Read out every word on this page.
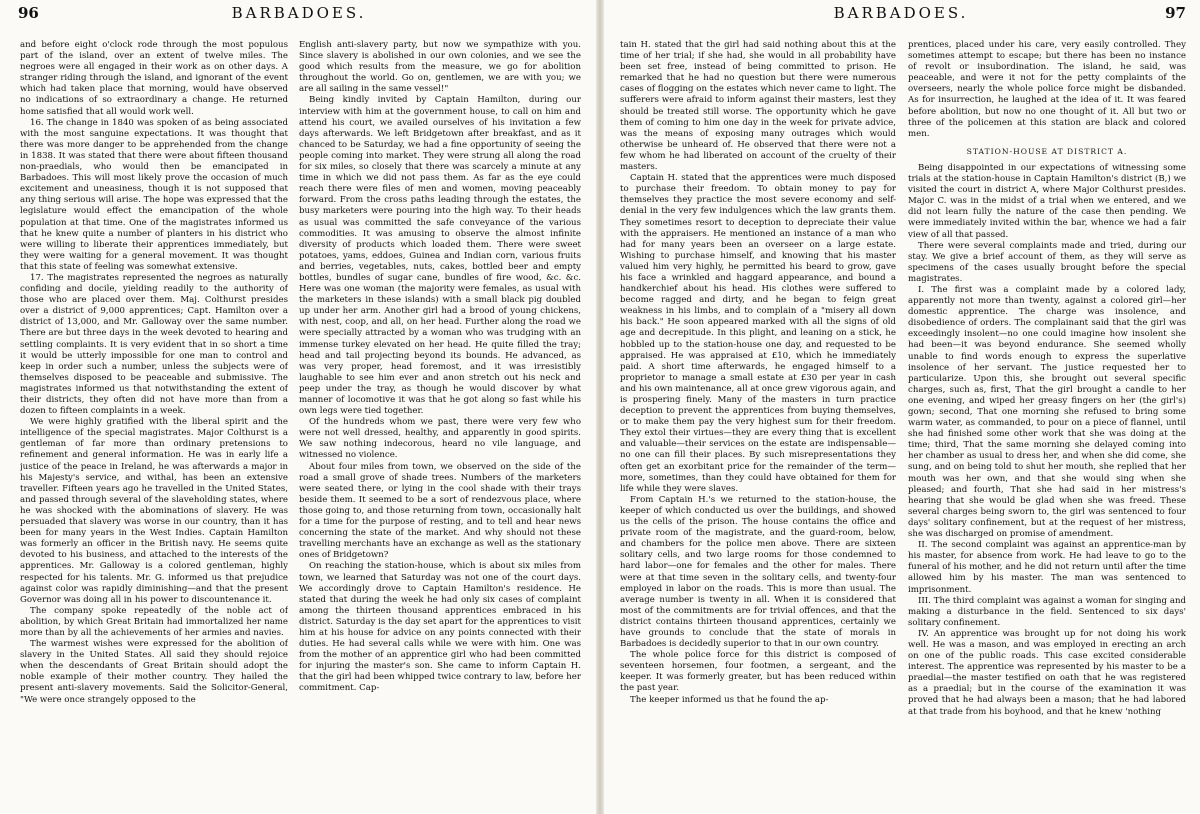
96	BARBADOES.

and before eight o'clock rode through the most populous part of the island, over an extent of twelve miles. The negroes were all engaged in their work as on other days. A stranger riding through the island, and ignorant of the event which had taken place that morning, would have observed no indications of so extraordinary a change. He returned home satisfied that all would work well.

16. The change in 1840 was spoken of as being associated with the most sanguine expectations. It was thought that there was more danger to be apprehended from the change in 1838. It was stated that there were about fifteen thousand non-praedials, who would then be emancipated in Barbadoes. This will most likely prove the occasion of much excitement and uneasiness, though it is not supposed that any thing serious will arise. The hope was expressed that the legislature would effect the emancipation of the whole population at that time. One of the magistrates informed us that he knew quite a number of planters in his district who were willing to liberate their apprentices immediately, but they were waiting for a general movement. It was thought that this state of feeling was somewhat extensive.

17. The magistrates represented the negroes as naturally confiding and docile, yielding readily to the authority of those who are placed over them. Maj. Colthurst presides over a district of 9,000 apprentices; Capt. Hamilton over a district of 13,000, and Mr. Galloway over the same number. There are but three days in the week devoted to hearing and settling complaints. It is very evident that in so short a time it would be utterly impossible for one man to control and keep in order such a number, unless the subjects were of themselves disposed to be peaceable and submissive. The magistrates informed us that notwithstanding the extent of their districts, they often did not have more than from a dozen to fifteen complaints in a week.

We were highly gratified with the liberal spirit and the intelligence of the special magistrates. Major Colthurst is a gentleman of far more than ordinary pretensions to refinement and general information. He was in early life a justice of the peace in Ireland, he was afterwards a major in his Majesty's service, and withal, has been an extensive traveller. Fifteen years ago he travelled in the United States, and passed through several of the slaveholding states, where he was shocked with the abominations of slavery. He was persuaded that slavery was worse in our country, than it has been for many years in the West Indies. Captain Hamilton was formerly an officer in the British navy. He seems quite devoted to his business, and attached to the interests of the apprentices. Mr. Galloway is a colored gentleman, highly respected for his talents. Mr. G. informed us that prejudice against color was rapidly diminishing—and that the present Governor was doing all in his power to discountenance it.

The company spoke repeatedly of the noble act of abolition, by which Great Britain had immortalized her name more than by all the achievements of her armies and navies.

The warmest wishes were expressed for the abolition of slavery in the United States. All said they should rejoice when the descendants of Great Britain should adopt the noble example of their mother country. They hailed the present anti-slavery movements. Said the Solicitor-General, "We were once strangely opposed to the

English anti-slavery party, but now we sympathize with you. Since slavery is abolished in our own colonies, and we see the good which results from the measure, we go for abolition throughout the world. Go on, gentlemen, we are with you; we are all sailing in the same vessel!"

Being kindly invited by Captain Hamilton, during our interview with him at the government house, to call on him and attend his court, we availed ourselves of his invitation a few days afterwards. We left Bridgetown after breakfast, and as it chanced to be Saturday, we had a fine opportunity of seeing the people coming into market. They were strung all along the road for six miles, so closely that there was scarcely a minute at any time in which we did not pass them. As far as the eye could reach there were files of men and women, moving peaceably forward. From the cross paths leading through the estates, the busy marketers were pouring into the high way. To their heads as usual was committed the safe conveyance of the various commodities. It was amusing to observe the almost infinite diversity of products which loaded them. There were sweet potatoes, yams, eddoes, Guinea and Indian corn, various fruits and berries, vegetables, nuts, cakes, bottled beer and empty bottles, bundles of sugar cane, bundles of fire wood, &c. &c. Here was one woman (the majority were females, as usual with the marketers in these islands) with a small black pig doubled up under her arm. Another girl had a brood of young chickens, with nest, coop, and all, on her head. Further along the road we were specially attracted by a woman who was trudging with an immense turkey elevated on her head. He quite filled the tray; head and tail projecting beyond its bounds. He advanced, as was very proper, head foremost, and it was irresistibly laughable to see him ever and anon stretch out his neck and peep under the tray, as though he would discover by what manner of locomotive it was that he got along so fast while his own legs were tied together.

Of the hundreds whom we past, there were very few who were not well dressed, healthy, and apparently in good spirits. We saw nothing indecorous, heard no vile language, and witnessed no violence.

About four miles from town, we observed on the side of the road a small grove of shade trees. Numbers of the marketers were seated there, or lying in the cool shade with their trays beside them. It seemed to be a sort of rendezvous place, where those going to, and those returning from town, occasionally halt for a time for the purpose of resting, and to tell and hear news concerning the state of the market. And why should not these travelling merchants have an exchange as well as the stationary ones of Bridgetown?

On reaching the station-house, which is about six miles from town, we learned that Saturday was not one of the court days. We accordingly drove to Captain Hamilton's residence. He stated that during the week he had only six cases of complaint among the thirteen thousand apprentices embraced in his district. Saturday is the day set apart for the apprentices to visit him at his house for advice on any points connected with their duties. He had several calls while we were with him. One was from the mother of an apprentice girl who had been committed for injuring the master's son. She came to inform Captain H. that the girl had been whipped twice contrary to law, before her commitment. Cap-

BARBADOES.	97

tain H. stated that the girl had said nothing about this at the time of her trial; if she had, she would in all probability have been set free, instead of being committed to prison. He remarked that he had no question but there were numerous cases of flogging on the estates which never came to light. The sufferers were afraid to inform against their masters, lest they should be treated still worse. The opportunity which he gave them of coming to him one day in the week for private advice, was the means of exposing many outrages which would otherwise be unheard of. He observed that there were not a few whom he had liberated on account of the cruelty of their masters.

Captain H. stated that the apprentices were much disposed to purchase their freedom. To obtain money to pay for themselves they practice the most severe economy and self-denial in the very few indulgences which the law grants them. They sometimes resort to deception to depreciate their value with the appraisers. He mentioned an instance of a man who had for many years been an overseer on a large estate. Wishing to purchase himself, and knowing that his master valued him very highly, he permitted his beard to grow, gave his face a wrinkled and haggard appearance, and bound a handkerchief about his head. His clothes were suffered to become ragged and dirty, and he began to feign great weakness in his limbs, and to complain of a "misery all down his back." He soon appeared marked with all the signs of old age and decrepitude. In this plight, and leaning on a stick, he hobbled up to the station-house one day, and requested to be appraised. He was appraised at £10, which he immediately paid. A short time afterwards, he engaged himself to a proprietor to manage a small estate at £30 per year in cash and his own maintenance, all at once grew vigorous again, and is prospering finely. Many of the masters in turn practice deception to prevent the apprentices from buying themselves, or to make them pay the very highest sum for their freedom. They extol their virtues—they are every thing that is excellent and valuable—their services on the estate are indispensable—no one can fill their places. By such misrepresentations they often get an exorbitant price for the remainder of the term—more, sometimes, than they could have obtained for them for life while they were slaves.

From Captain H.'s we returned to the station-house, the keeper of which conducted us over the buildings, and showed us the cells of the prison. The house contains the office and private room of the magistrate, and the guard-room, below, and chambers for the police men above. There are sixteen solitary cells, and two large rooms for those condemned to hard labor—one for females and the other for males. There were at that time seven in the solitary cells, and twenty-four employed in labor on the roads. This is more than usual. The average number is twenty in all. When it is considered that most of the commitments are for trivial offences, and that the district contains thirteen thousand apprentices, certainly we have grounds to conclude that the state of morals in Barbadoes is decidedly superior to that in our own country.

The whole police force for this district is composed of seventeen horsemen, four footmen, a sergeant, and the keeper. It was formerly greater, but has been reduced within the past year.

The keeper informed us that he found the ap-

prentices, placed under his care, very easily controlled. They sometimes attempt to escape; but there has been no instance of revolt or insubordination. The island, he said, was peaceable, and were it not for the petty complaints of the overseers, nearly the whole police force might be disbanded. As for insurrection, he laughed at the idea of it. It was feared before abolition, but now no one thought of it. All but two or three of the policemen at this station are black and colored men.

STATION-HOUSE AT DISTRICT A.

Being disappointed in our expectations of witnessing some trials at the station-house in Captain Hamilton's district (B,) we visited the court in district A, where Major Colthurst presides. Major C. was in the midst of a trial when we entered, and we did not learn fully the nature of the case then pending. We were immediately invited within the bar, whence we had a fair view of all that passed.

There were several complaints made and tried, during our stay. We give a brief account of them, as they will serve as specimens of the cases usually brought before the special magistrates.

I. The first was a complaint made by a colored lady, apparently not more than twenty, against a colored girl—her domestic apprentice. The charge was insolence, and disobedience of orders. The complainant said that the girl was exceedingly insolent—no one could imagine how insolent she had been—it was beyond endurance. She seemed wholly unable to find words enough to express the superlative insolence of her servant. The justice requested her to particularize. Upon this, she brought out several specific charges, such as, first, That the girl brought a candle to her one evening, and wiped her greasy fingers on her (the girl's) gown; second, That one morning she refused to bring some warm water, as commanded, to pour on a piece of flannel, until she had finished some other work that she was doing at the time; third, That the same morning she delayed coming into her chamber as usual to dress her, and when she did come, she sung, and on being told to shut her mouth, she replied that her mouth was her own, and that she would sing when she pleased; and fourth, That she had said in her mistress's hearing that she would be glad when she was freed. These several charges being sworn to, the girl was sentenced to four days' solitary confinement, but at the request of her mistress, she was discharged on promise of amendment.

II. The second complaint was against an apprentice-man by his master, for absence from work. He had leave to go to the funeral of his mother, and he did not return until after the time allowed him by his master. The man was sentenced to imprisonment.

III. The third complaint was against a woman for singing and making a disturbance in the field. Sentenced to six days' solitary confinement.

IV. An apprentice was brought up for not doing his work well. He was a mason, and was employed in erecting an arch on one of the public roads. This case excited considerable interest. The apprentice was represented by his master to be a praedial—the master testified on oath that he was registered as a praedial; but in the course of the examination it was proved that he had always been a mason; that he had labored at that trade from his boyhood, and that he knew 'nothing
